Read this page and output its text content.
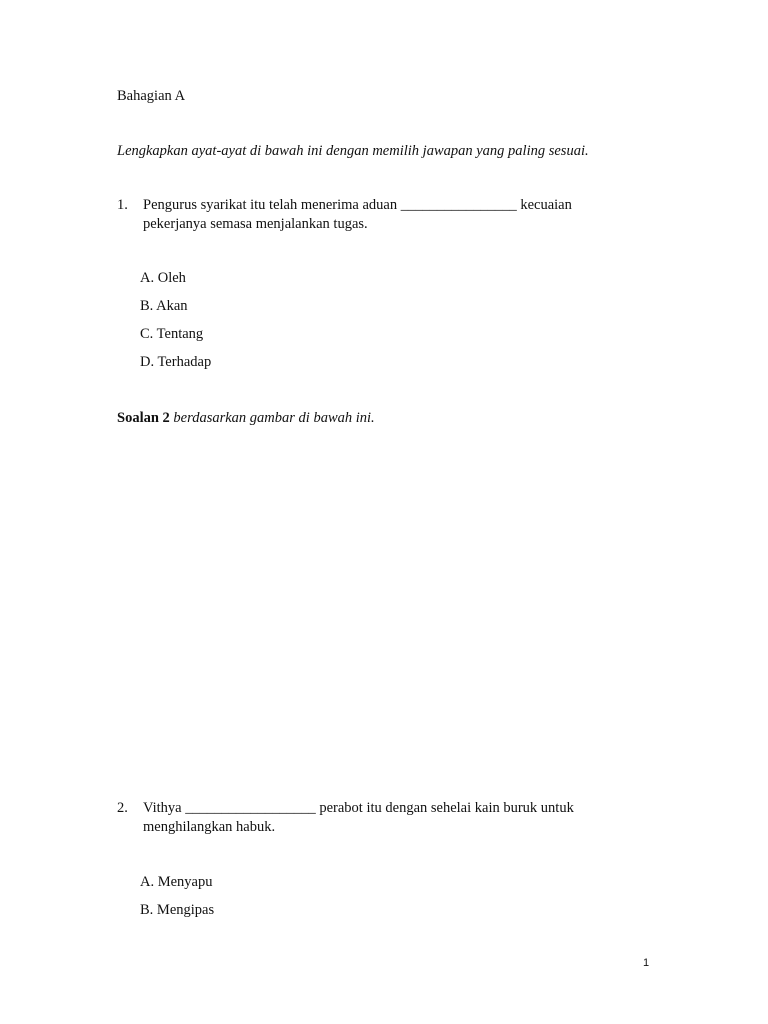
Bahagian A
Lengkapkan ayat-ayat di bawah ini dengan memilih jawapan yang paling sesuai.
1. Pengurus syarikat itu telah menerima aduan ________________ kecuaian
pekerjanya semasa menjalankan tugas.
A. Oleh
B. Akan
C. Tentang
D. Terhadap
Soalan 2 berdasarkan gambar di bawah ini.
2. Vithya __________________ perabot itu dengan sehelai kain buruk untuk
menghilangkan habuk.
A. Menyapu
B. Mengipas
1
